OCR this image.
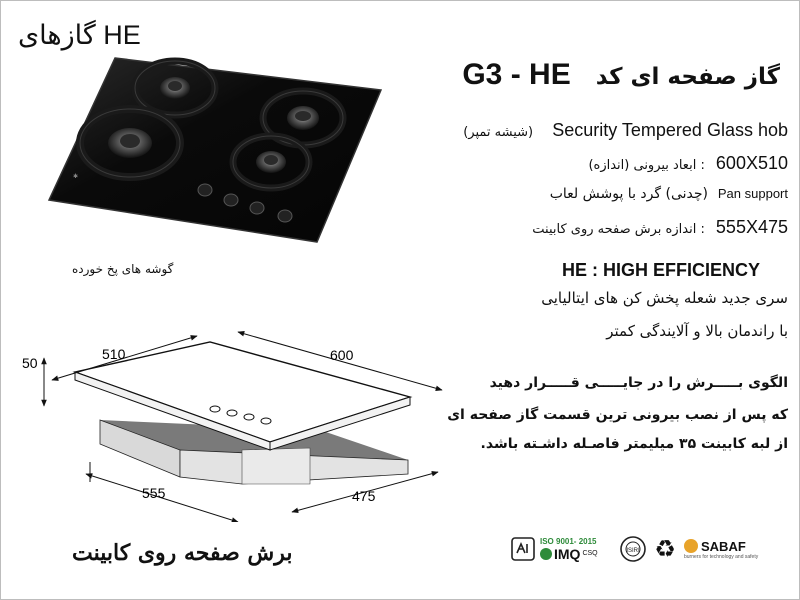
گازهای HE
گاز صفحه ای کد G3 - HE
✱
گوشه های پخ خورده
Security Tempered Glass hob (شیشه تمپر)
600X510 : ابعاد بیرونی (اندازه)
Pan support
(چدنی) گرد با پوشش لعاب
555X475 : اندازه برش صفحه روی کابینت
HE : HIGH EFFICIENCY
سری جدید شعله پخش کن های ایتالیایی
با راندمان بالا و آلایندگی کمتر
الگوی بـــــرش را در جایـــــی قـــــرار دهید
که پس از نصب بیرونی ترین قسمت گاز صفحه ای
از لبه کابینت ۳۵ میلیمتر فاصـله داشـته باشد.
510	600
50
555	475
برش صفحه روی کابینت	ISO 9001- 2015
IMQ CSQ	ISIRI ♻ SABAF
burners for technology and safety
